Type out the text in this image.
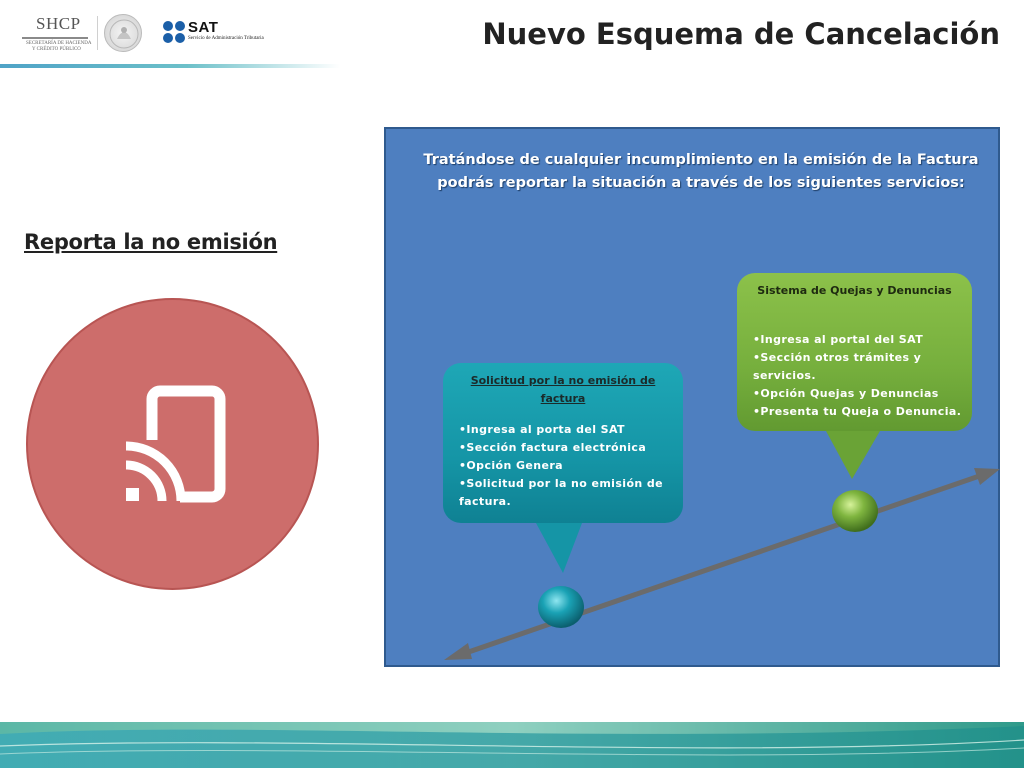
SHCP
SECRETARÍA DE HACIENDA
Y CRÉDITO PÚBLICO
SAT
Servicio de Administración Tributaria	Nuevo Esquema de Cancelación
Reporta la no emisión

Tratándose de cualquier incumplimiento en la emisión de la Factura podrás reportar la situación a través de los siguientes servicios:

Solicitud por la no emisión de factura
•Ingresa al porta del SAT
•Sección factura electrónica
•Opción Genera
•Solicitud por la no emisión de factura.
Sistema de Quejas y Denuncias
•Ingresa al portal del SAT
•Sección otros trámites y servicios.
•Opción Quejas y Denuncias
•Presenta tu Queja o Denuncia.
